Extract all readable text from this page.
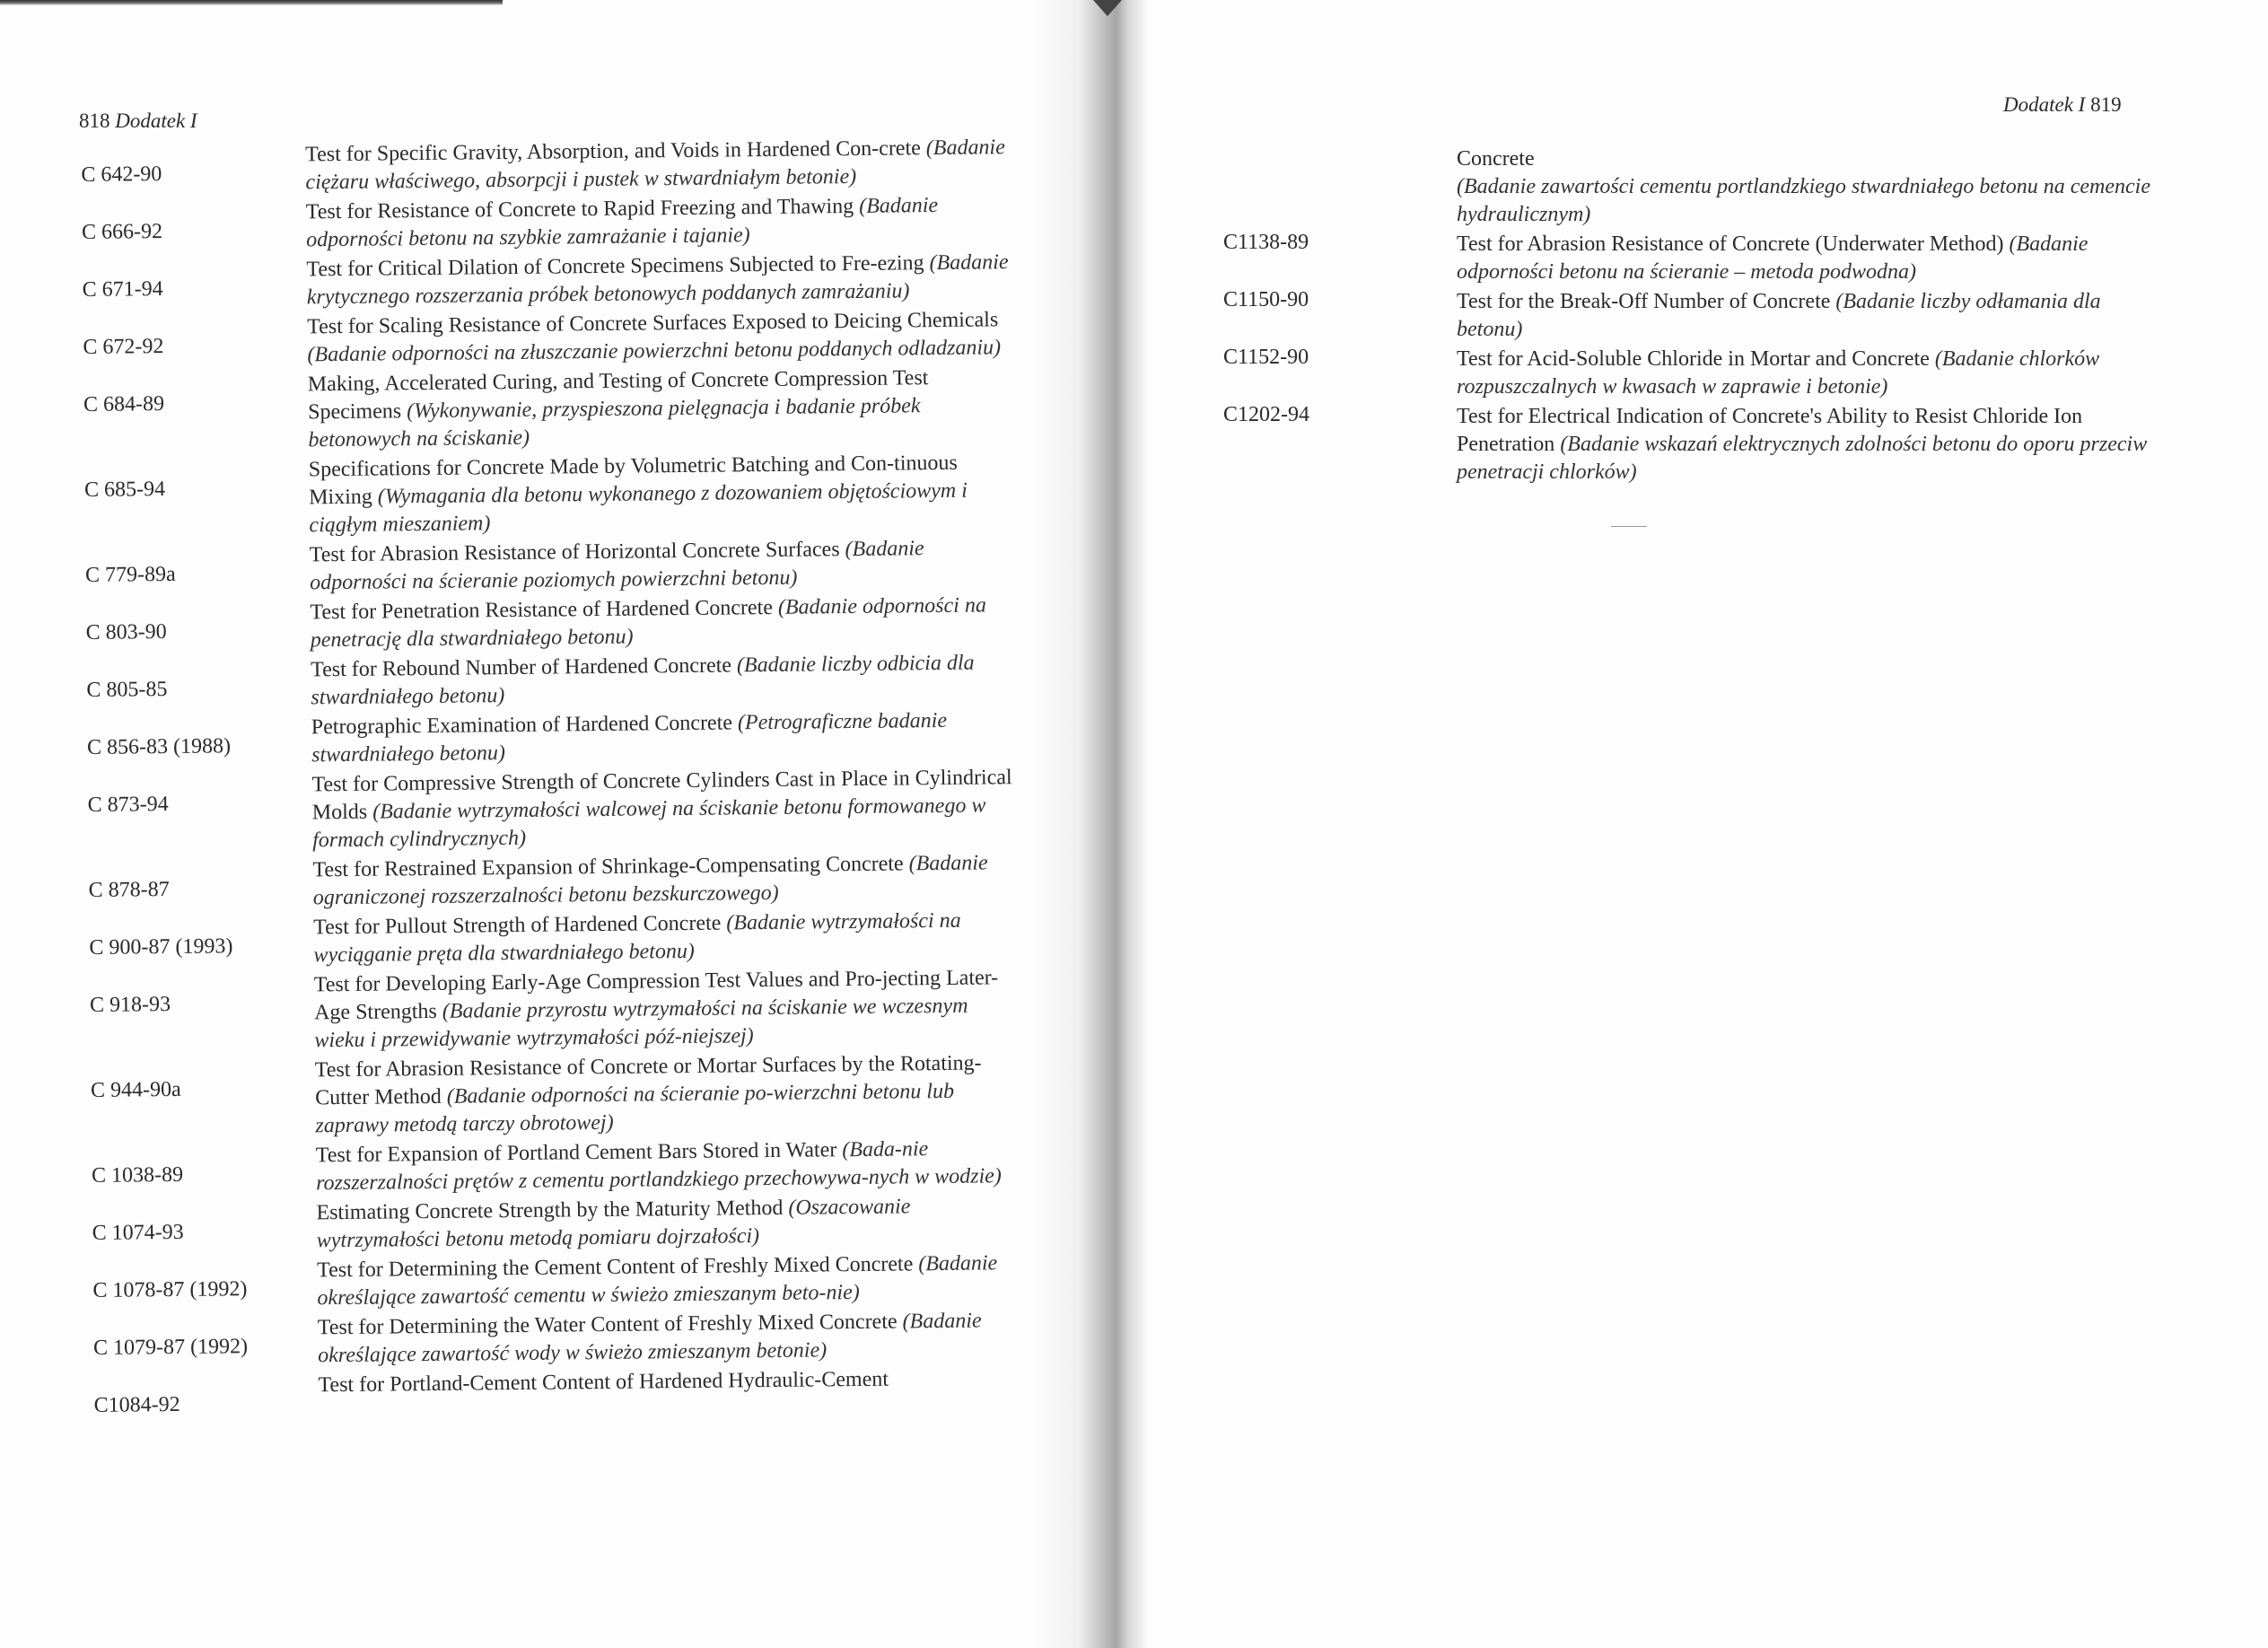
818 Dodatek I
C 642-90
Test for Specific Gravity, Absorption, and Voids in Hardened Con-crete (Badanie ciężaru właściwego, absorpcji i pustek w stwardniałym betonie)
C 666-92
Test for Resistance of Concrete to Rapid Freezing and Thawing (Badanie odporności betonu na szybkie zamrażanie i tajanie)
C 671-94
Test for Critical Dilation of Concrete Specimens Subjected to Fre-ezing (Badanie krytycznego rozszerzania próbek betonowych poddanych zamrażaniu)
C 672-92
Test for Scaling Resistance of Concrete Surfaces Exposed to Deicing Chemicals (Badanie odporności na złuszczanie powierzchni betonu poddanych odladzaniu)
C 684-89
Making, Accelerated Curing, and Testing of Concrete Compression Test Specimens (Wykonywanie, przyspieszona pielęgnacja i badanie próbek betonowych na ściskanie)
C 685-94
Specifications for Concrete Made by Volumetric Batching and Con-tinuous Mixing (Wymagania dla betonu wykonanego z dozowaniem objętościowym i ciągłym mieszaniem)
C 779-89a
Test for Abrasion Resistance of Horizontal Concrete Surfaces (Badanie odporności na ścieranie poziomych powierzchni betonu)
C 803-90
Test for Penetration Resistance of Hardened Concrete (Badanie odporności na penetrację dla stwardniałego betonu)
C 805-85
Test for Rebound Number of Hardened Concrete (Badanie liczby odbicia dla stwardniałego betonu)
C 856-83 (1988)
Petrographic Examination of Hardened Concrete (Petrograficzne badanie stwardniałego betonu)
C 873-94
Test for Compressive Strength of Concrete Cylinders Cast in Place in Cylindrical Molds (Badanie wytrzymałości walcowej na ściskanie betonu formowanego w formach cylindrycznych)
C 878-87
Test for Restrained Expansion of Shrinkage-Compensating Concrete (Badanie ograniczonej rozszerzalności betonu bezskurczowego)
C 900-87 (1993)
Test for Pullout Strength of Hardened Concrete (Badanie wytrzymałości na wyciąganie pręta dla stwardniałego betonu)
C 918-93
Test for Developing Early-Age Compression Test Values and Pro-jecting Later-Age Strengths (Badanie przyrostu wytrzymałości na ściskanie we wczesnym wieku i przewidywanie wytrzymałości póź-niejszej)
C 944-90a
Test for Abrasion Resistance of Concrete or Mortar Surfaces by the Rotating-Cutter Method (Badanie odporności na ścieranie po-wierzchni betonu lub zaprawy metodą tarczy obrotowej)
C 1038-89
Test for Expansion of Portland Cement Bars Stored in Water (Bada-nie rozszerzalności prętów z cementu portlandzkiego przechowywa-nych w wodzie)
C 1074-93
Estimating Concrete Strength by the Maturity Method (Oszacowanie wytrzymałości betonu metodą pomiaru dojrzałości)
C 1078-87 (1992)
Test for Determining the Cement Content of Freshly Mixed Concrete (Badanie określające zawartość cementu w świeżo zmieszanym beto-nie)
C 1079-87 (1992)
Test for Determining the Water Content of Freshly Mixed Concrete (Badanie określające zawartość wody w świeżo zmieszanym betonie)
C1084-92
Test for Portland-Cement Content of Hardened Hydraulic-Cement
Dodatek I 819
Concrete
(Badanie zawartości cementu portlandzkiego stwardniałego betonu na cemencie hydraulicznym)
C1138-89	Test for Abrasion Resistance of Concrete (Underwater Method) (Badanie odporności betonu na ścieranie – metoda podwodna)
C1150-90	Test for the Break-Off Number of Concrete (Badanie liczby odłamania dla betonu)
C1152-90	Test for Acid-Soluble Chloride in Mortar and Concrete (Badanie chlorków rozpuszczalnych w kwasach w zaprawie i betonie)
C1202-94	Test for Electrical Indication of Concrete's Ability to Resist Chloride Ion Penetration (Badanie wskazań elektrycznych zdolności betonu do oporu przeciw penetracji chlorków)
